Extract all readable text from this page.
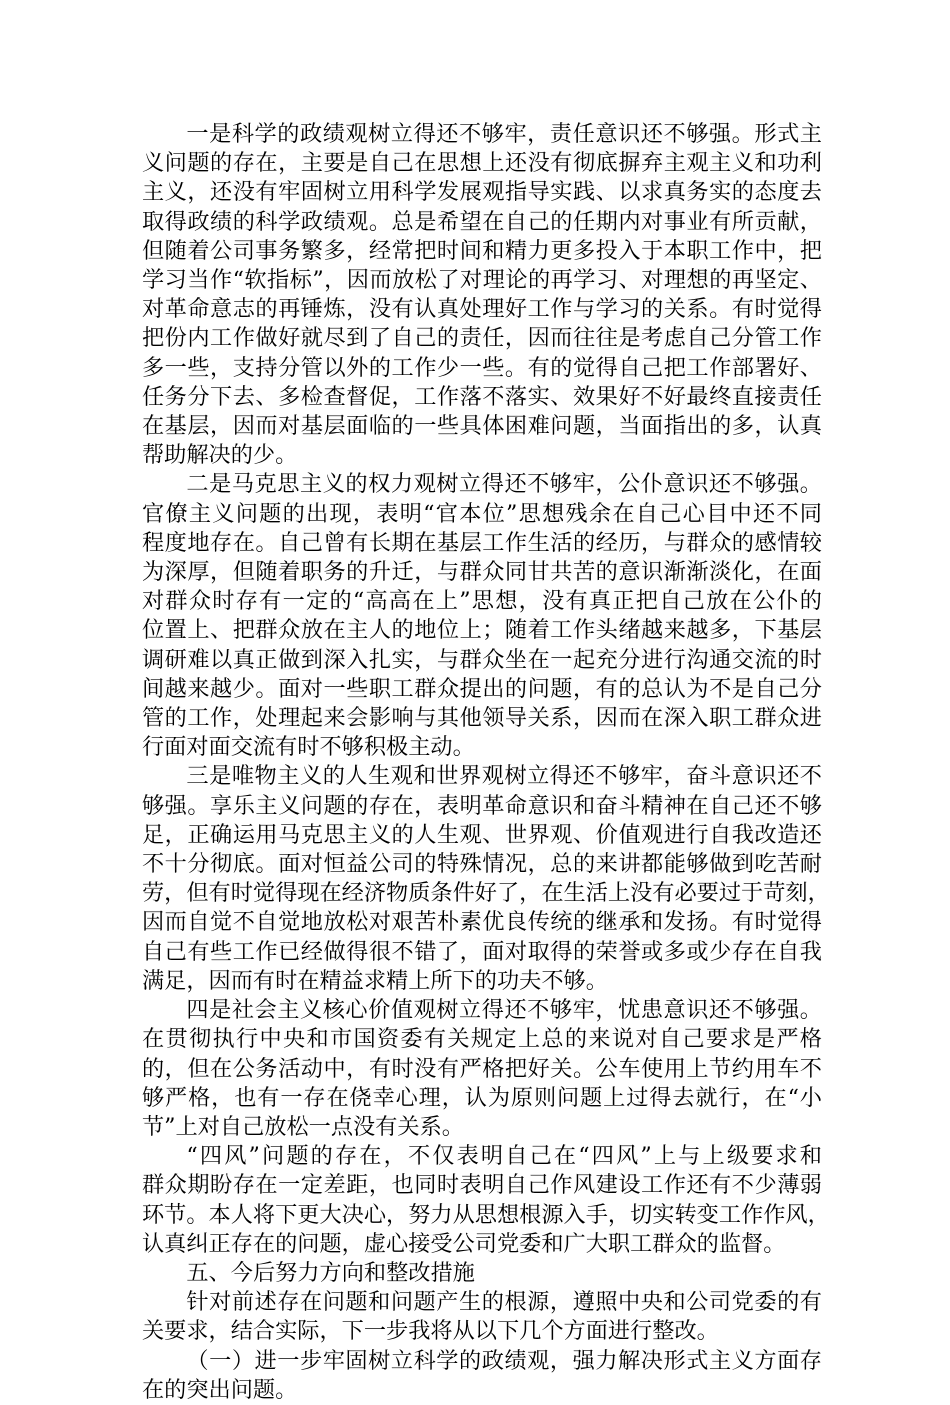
一是科学的政绩观树立得还不够牢，责任意识还不够强。形式主
义问题的存在，主要是自己在思想上还没有彻底摒弃主观主义和功利
主义，还没有牢固树立用科学发展观指导实践、以求真务实的态度去
取得政绩的科学政绩观。总是希望在自己的任期内对事业有所贡献，
但随着公司事务繁多，经常把时间和精力更多投入于本职工作中，把
学习当作“软指标”，因而放松了对理论的再学习、对理想的再坚定、
对革命意志的再锤炼，没有认真处理好工作与学习的关系。有时觉得
把份内工作做好就尽到了自己的责任，因而往往是考虑自己分管工作
多一些，支持分管以外的工作少一些。有的觉得自己把工作部署好、
任务分下去、多检查督促，工作落不落实、效果好不好最终直接责任
在基层，因而对基层面临的一些具体困难问题，当面指出的多，认真
帮助解决的少。
二是马克思主义的权力观树立得还不够牢，公仆意识还不够强。
官僚主义问题的出现，表明“官本位”思想残余在自己心目中还不同
程度地存在。自己曾有长期在基层工作生活的经历，与群众的感情较
为深厚，但随着职务的升迁，与群众同甘共苦的意识渐渐淡化，在面
对群众时存有一定的“高高在上”思想，没有真正把自己放在公仆的
位置上、把群众放在主人的地位上；随着工作头绪越来越多，下基层
调研难以真正做到深入扎实，与群众坐在一起充分进行沟通交流的时
间越来越少。面对一些职工群众提出的问题，有的总认为不是自己分
管的工作，处理起来会影响与其他领导关系，因而在深入职工群众进
行面对面交流有时不够积极主动。
三是唯物主义的人生观和世界观树立得还不够牢，奋斗意识还不
够强。享乐主义问题的存在，表明革命意识和奋斗精神在自己还不够
足，正确运用马克思主义的人生观、世界观、价值观进行自我改造还
不十分彻底。面对恒益公司的特殊情况，总的来讲都能够做到吃苦耐
劳，但有时觉得现在经济物质条件好了，在生活上没有必要过于苛刻，
因而自觉不自觉地放松对艰苦朴素优良传统的继承和发扬。有时觉得
自己有些工作已经做得很不错了，面对取得的荣誉或多或少存在自我
满足，因而有时在精益求精上所下的功夫不够。
四是社会主义核心价值观树立得还不够牢，忧患意识还不够强。
在贯彻执行中央和市国资委有关规定上总的来说对自己要求是严格
的，但在公务活动中，有时没有严格把好关。公车使用上节约用车不
够严格，也有一存在侥幸心理，认为原则问题上过得去就行，在“小
节”上对自己放松一点没有关系。
“四风”问题的存在，不仅表明自己在“四风”上与上级要求和
群众期盼存在一定差距，也同时表明自己作风建设工作还有不少薄弱
环节。本人将下更大决心，努力从思想根源入手，切实转变工作作风，
认真纠正存在的问题，虚心接受公司党委和广大职工群众的监督。
五、今后努力方向和整改措施
针对前述存在问题和问题产生的根源，遵照中央和公司党委的有
关要求，结合实际，下一步我将从以下几个方面进行整改。
（一）进一步牢固树立科学的政绩观，强力解决形式主义方面存
在的突出问题。
